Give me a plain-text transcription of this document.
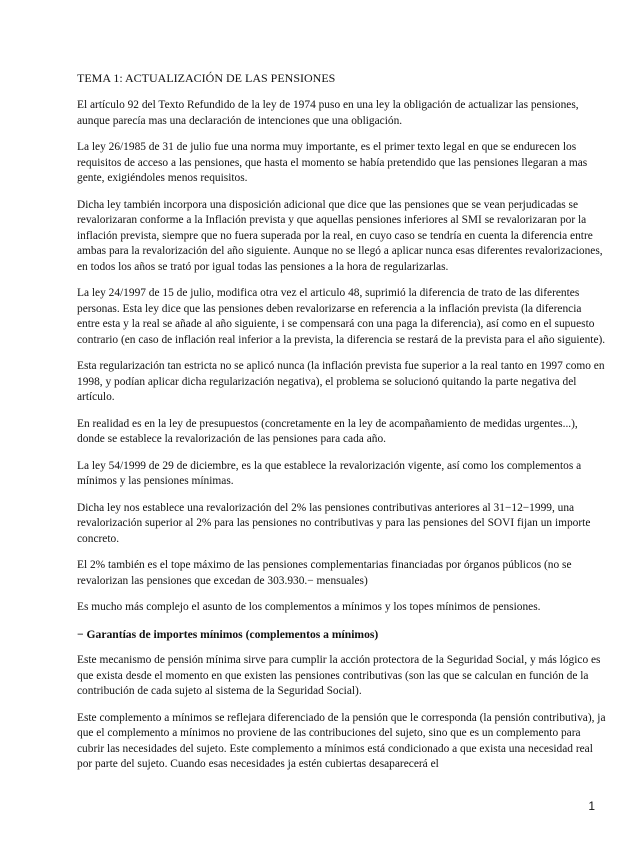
TEMA 1: ACTUALIZACIÓN DE LAS PENSIONES

El artículo 92 del Texto Refundido de la ley de 1974 puso en una ley la obligación de actualizar las pensiones, aunque parecía mas una declaración de intenciones que una obligación.

La ley 26/1985 de 31 de julio fue una norma muy importante, es el primer texto legal en que se endurecen los requisitos de acceso a las pensiones, que hasta el momento se había pretendido que las pensiones llegaran a mas gente, exigiéndoles menos requisitos.

Dicha ley también incorpora una disposición adicional que dice que las pensiones que se vean perjudicadas se revalorizaran conforme a la Inflación prevista y que aquellas pensiones inferiores al SMI se revalorizaran por la inflación prevista, siempre que no fuera superada por la real, en cuyo caso se tendría en cuenta la diferencia entre ambas para la revalorización del año siguiente. Aunque no se llegó a aplicar nunca esas diferentes revalorizaciones, en todos los años se trató por igual todas las pensiones a la hora de regularizarlas.

La ley 24/1997 de 15 de julio, modifica otra vez el articulo 48, suprimió la diferencia de trato de las diferentes personas. Esta ley dice que las pensiones deben revalorizarse en referencia a la inflación prevista (la diferencia entre esta y la real se añade al año siguiente, i se compensará con una paga la diferencia), así como en el supuesto contrario (en caso de inflación real inferior a la prevista, la diferencia se restará de la prevista para el año siguiente).

Esta regularización tan estricta no se aplicó nunca (la inflación prevista fue superior a la real tanto en 1997 como en 1998, y podían aplicar dicha regularización negativa), el problema se solucionó quitando la parte negativa del artículo.

En realidad es en la ley de presupuestos (concretamente en la ley de acompañamiento de medidas urgentes...), donde se establece la revalorización de las pensiones para cada año.

La ley 54/1999 de 29 de diciembre, es la que establece la revalorización vigente, así como los complementos a mínimos y las pensiones mínimas.

Dicha ley nos establece una revalorización del 2% las pensiones contributivas anteriores al 31−12−1999, una revalorización superior al 2% para las pensiones no contributivas y para las pensiones del SOVI fijan un importe concreto.

El 2% también es el tope máximo de las pensiones complementarias financiadas por órganos públicos (no se revalorizan las pensiones que excedan de 303.930.− mensuales)

Es mucho más complejo el asunto de los complementos a mínimos y los topes mínimos de pensiones.

− Garantías de importes mínimos (complementos a mínimos)

Este mecanismo de pensión mínima sirve para cumplir la acción protectora de la Seguridad Social, y más lógico es que exista desde el momento en que existen las pensiones contributivas (son las que se calculan en función de la contribución de cada sujeto al sistema de la Seguridad Social).

Este complemento a mínimos se reflejara diferenciado de la pensión que le corresponda (la pensión contributiva), ja que el complemento a mínimos no proviene de las contribuciones del sujeto, sino que es un complemento para cubrir las necesidades del sujeto. Este complemento a mínimos está condicionado a que exista una necesidad real por parte del sujeto. Cuando esas necesidades ja estén cubiertas desaparecerá el

1
